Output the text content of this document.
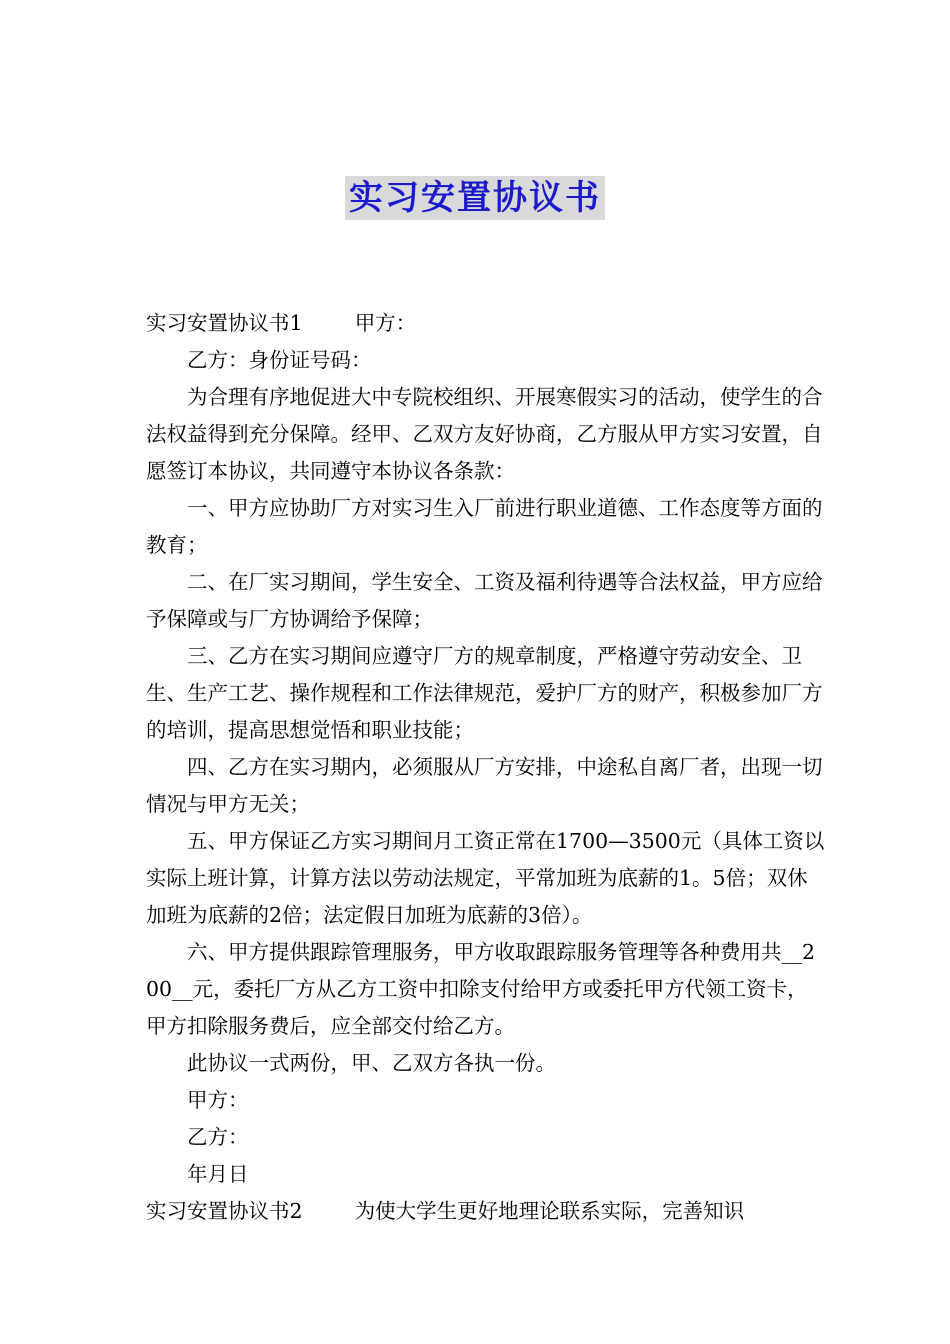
实习安置协议书

实习安置协议书1	甲方：

乙方：身份证号码：

为合理有序地促进大中专院校组织、开展寒假实习的活动，使学生的合法权益得到充分保障。经甲、乙双方友好协商，乙方服从甲方实习安置，自愿签订本协议，共同遵守本协议各条款：

一、甲方应协助厂方对实习生入厂前进行职业道德、工作态度等方面的教育；

二、在厂实习期间，学生安全、工资及福利待遇等合法权益，甲方应给予保障或与厂方协调给予保障；

三、乙方在实习期间应遵守厂方的规章制度，严格遵守劳动安全、卫生、生产工艺、操作规程和工作法律规范，爱护厂方的财产，积极参加厂方的培训，提高思想觉悟和职业技能；

四、乙方在实习期内，必须服从厂方安排，中途私自离厂者，出现一切情况与甲方无关；

五、甲方保证乙方实习期间月工资正常在1700—3500元（具体工资以实际上班计算，计算方法以劳动法规定，平常加班为底薪的1。5倍；双休加班为底薪的2倍；法定假日加班为底薪的3倍）。

六、甲方提供跟踪管理服务，甲方收取跟踪服务管理等各种费用共__200__元，委托厂方从乙方工资中扣除支付给甲方或委托甲方代领工资卡，甲方扣除服务费后，应全部交付给乙方。

此协议一式两份，甲、乙双方各执一份。

甲方：

乙方：

年月日

实习安置协议书2	为使大学生更好地理论联系实际，完善知识
